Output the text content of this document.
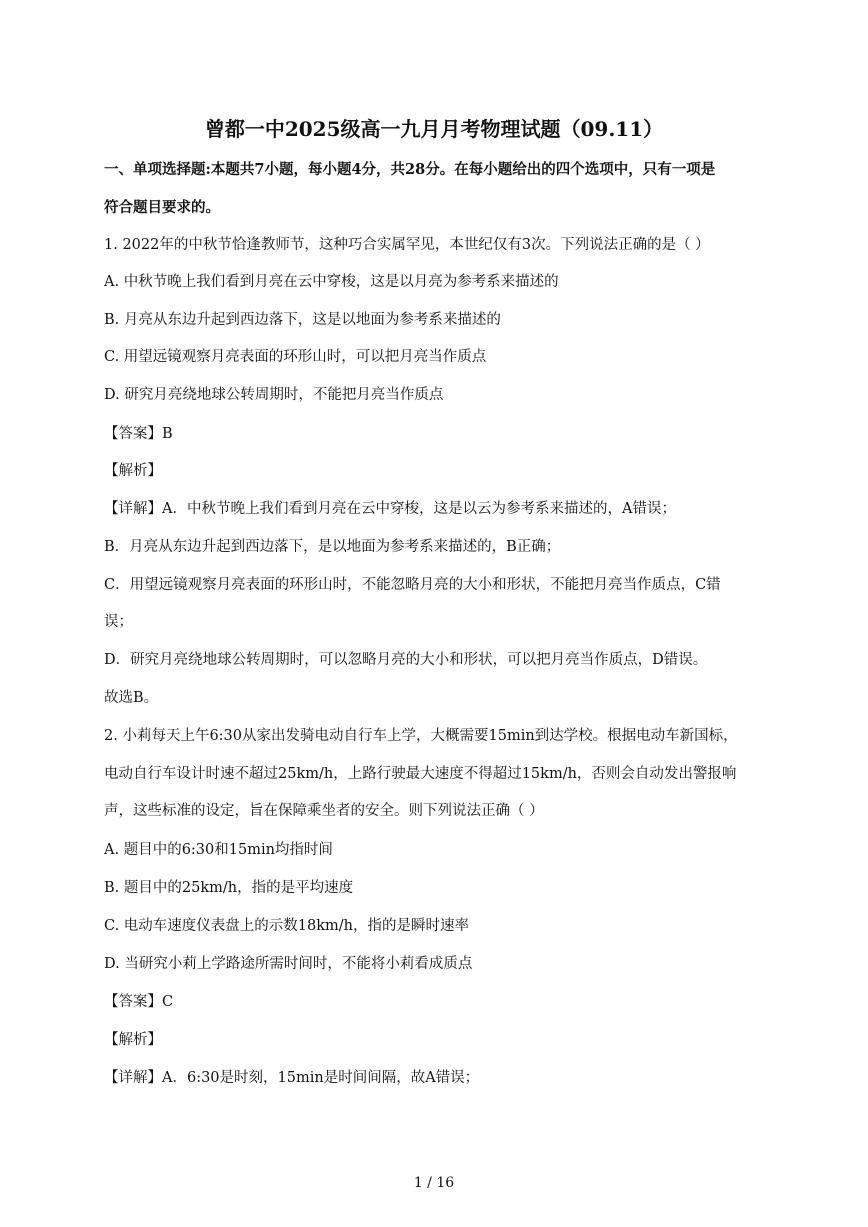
曾都一中2025级高一九月月考物理试题（09.11）
一、单项选择题:本题共7小题，每小题4分，共28分。在每小题给出的四个选项中，只有一项是
符合题目要求的。
1. 2022年的中秋节恰逢教师节，这种巧合实属罕见，本世纪仅有3次。下列说法正确的是（ ）
A. 中秋节晚上我们看到月亮在云中穿梭，这是以月亮为参考系来描述的
B. 月亮从东边升起到西边落下，这是以地面为参考系来描述的
C. 用望远镜观察月亮表面的环形山时，可以把月亮当作质点
D. 研究月亮绕地球公转周期时，不能把月亮当作质点
【答案】B
【解析】
【详解】A．中秋节晚上我们看到月亮在云中穿梭，这是以云为参考系来描述的，A错误；
B．月亮从东边升起到西边落下，是以地面为参考系来描述的，B正确；
C．用望远镜观察月亮表面的环形山时，不能忽略月亮的大小和形状，不能把月亮当作质点，C错
误；
D．研究月亮绕地球公转周期时，可以忽略月亮的大小和形状，可以把月亮当作质点，D错误。
故选B。
2. 小莉每天上午6:30从家出发骑电动自行车上学，大概需要15min到达学校。根据电动车新国标，
电动自行车设计时速不超过25km/h，上路行驶最大速度不得超过15km/h，否则会自动发出警报响
声，这些标准的设定，旨在保障乘坐者的安全。则下列说法正确（ ）
A. 题目中的6:30和15min均指时间
B. 题目中的25km/h，指的是平均速度
C. 电动车速度仪表盘上的示数18km/h，指的是瞬时速率
D. 当研究小莉上学路途所需时间时，不能将小莉看成质点
【答案】C
【解析】
【详解】A．6:30是时刻，15min是时间间隔，故A错误；
1 / 16
